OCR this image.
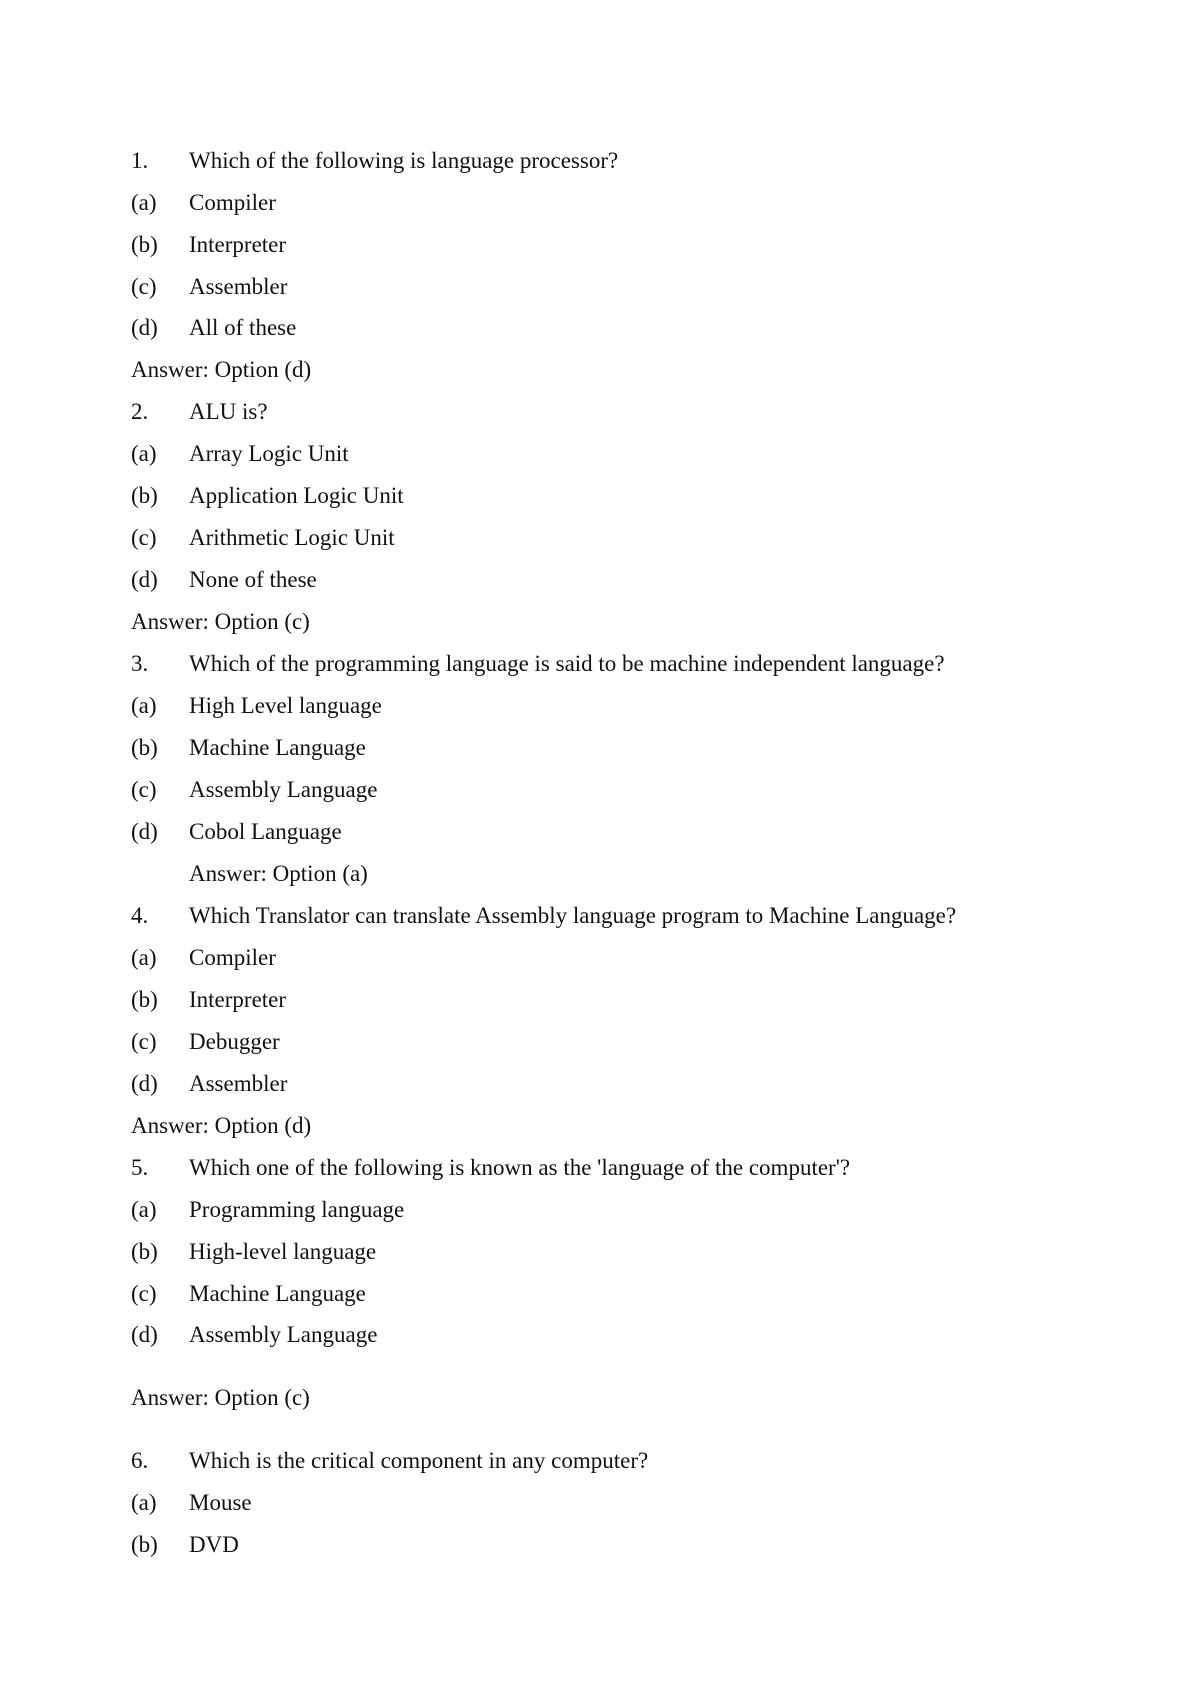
1. Which of the following is language processor?
(a) Compiler
(b) Interpreter
(c) Assembler
(d) All of these
Answer: Option (d)
2. ALU is?
(a) Array Logic Unit
(b) Application Logic Unit
(c) Arithmetic Logic Unit
(d) None of these
Answer: Option (c)
3. Which of the programming language is said to be machine independent language?
(a) High Level language
(b) Machine Language
(c) Assembly Language
(d) Cobol Language
Answer: Option (a)
4. Which Translator can translate Assembly language program to Machine Language?
(a) Compiler
(b) Interpreter
(c) Debugger
(d) Assembler
Answer: Option (d)
5. Which one of the following is known as the 'language of the computer'?
(a) Programming language
(b) High-level language
(c) Machine Language
(d) Assembly Language
Answer: Option (c)
6. Which is the critical component in any computer?
(a) Mouse
(b) DVD
